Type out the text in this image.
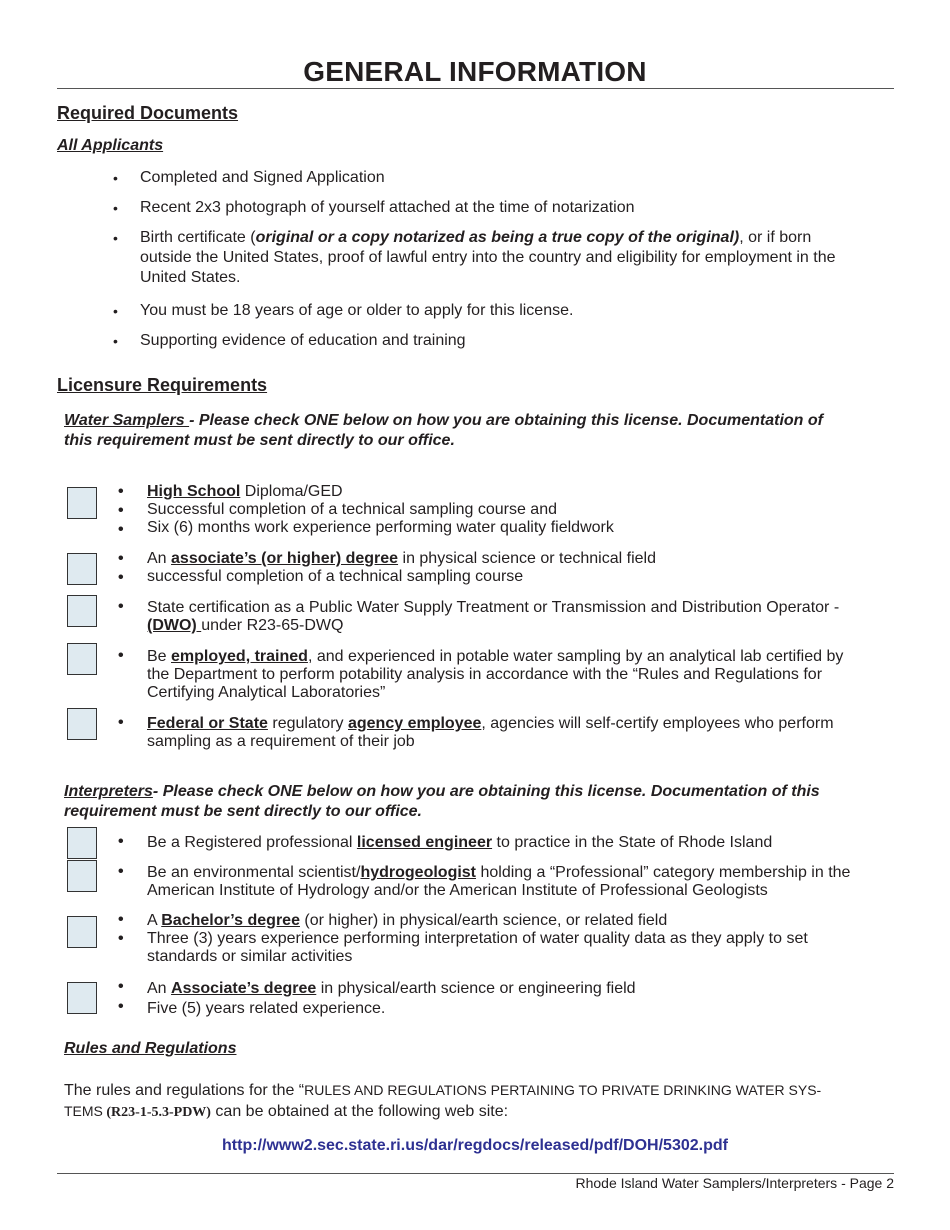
GENERAL INFORMATION
Required Documents
All Applicants
• Completed and Signed Application
• Recent 2x3 photograph of yourself attached at the time of notarization
• Birth certificate (original or a copy notarized as being a true copy of the original), or if born
outside the United States, proof of lawful entry into the country and eligibility for employment in the
United States.
• You must be 18 years of age or older to apply for this license.
• Supporting evidence of education and training
Licensure Requirements
Water Samplers - Please check ONE below on how you are obtaining this license. Documentation of
this requirement must be sent directly to our office.
•
•
•
High School Diploma/GED
Successful completion of a technical sampling course and
Six (6) months work experience performing water quality fieldwork
•
•
An associate’s (or higher) degree in physical science or technical field
successful completion of a technical sampling course
• State certification as a Public Water Supply Treatment or Transmission and Distribution Operator -
(DWO) under R23-65-DWQ
• Be employed, trained, and experienced in potable water sampling by an analytical lab certified by
the Department to perform potability analysis in accordance with the “Rules and Regulations for
Certifying Analytical Laboratories”
• Federal or State regulatory agency employee, agencies will self-certify employees who perform
sampling as a requirement of their job
Interpreters- Please check ONE below on how you are obtaining this license. Documentation of this
requirement must be sent directly to our office.
• Be a Registered professional licensed engineer to practice in the State of Rhode Island
• Be an environmental scientist/hydrogeologist holding a “Professional” category membership in the
American Institute of Hydrology and/or the American Institute of Professional Geologists
•
•
A Bachelor’s degree (or higher) in physical/earth science, or related field
Three (3) years experience performing interpretation of water quality data as they apply to set
standards or similar activities
•
•
An Associate’s degree in physical/earth science or engineering field
Five (5) years related experience.
Rules and Regulations
The rules and regulations for the “RULES AND REGULATIONS PERTAINING TO PRIVATE DRINKING WATER SYS-
TEMS (R23-1-5.3-PDW) can be obtained at the following web site:
http://www2.sec.state.ri.us/dar/regdocs/released/pdf/DOH/5302.pdf
Rhode Island Water Samplers/Interpreters - Page 2
